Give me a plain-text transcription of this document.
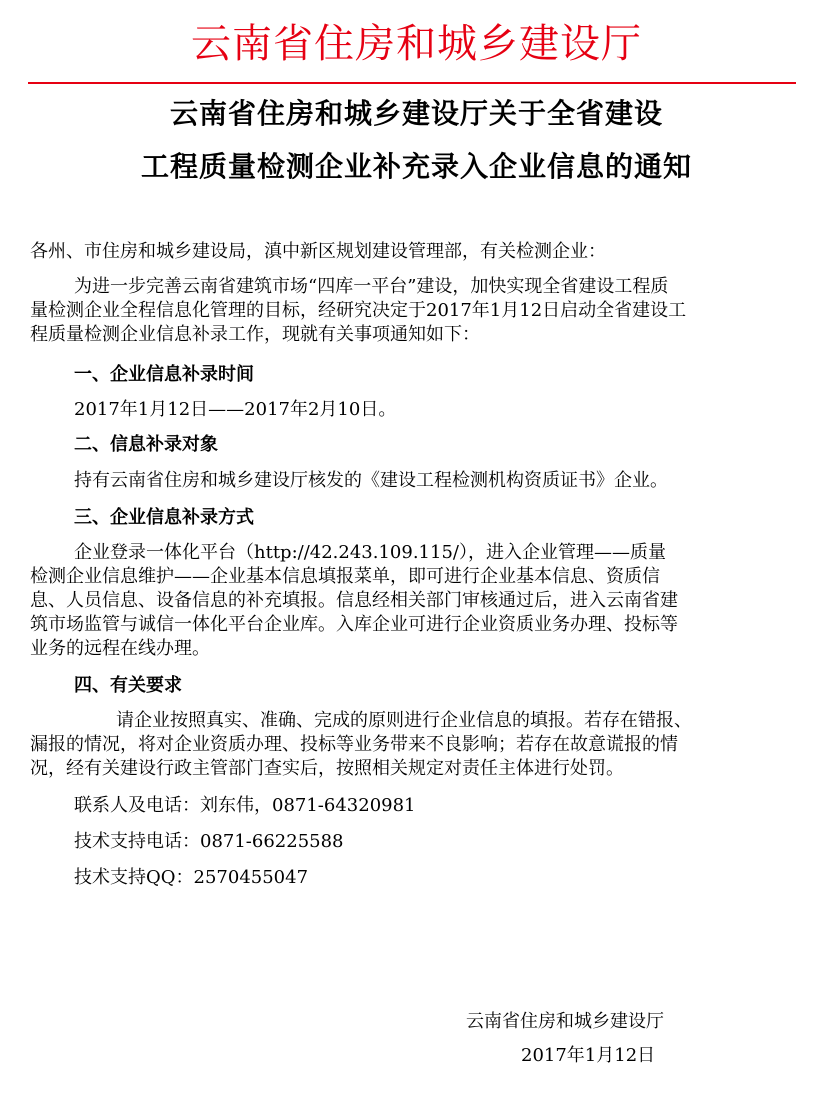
云南省住房和城乡建设厅
云南省住房和城乡建设厅关于全省建设
工程质量检测企业补充录入企业信息的通知
各州、市住房和城乡建设局，滇中新区规划建设管理部，有关检测企业：
为进一步完善云南省建筑市场“四库一平台”建设，加快实现全省建设工程质
量检测企业全程信息化管理的目标，经研究决定于2017年1月12日启动全省建设工
程质量检测企业信息补录工作，现就有关事项通知如下：
一、企业信息补录时间
2017年1月12日——2017年2月10日。
二、信息补录对象
持有云南省住房和城乡建设厅核发的《建设工程检测机构资质证书》企业。
三、企业信息补录方式
企业登录一体化平台（http://42.243.109.115/），进入企业管理——质量
检测企业信息维护——企业基本信息填报菜单，即可进行企业基本信息、资质信
息、人员信息、设备信息的补充填报。信息经相关部门审核通过后，进入云南省建
筑市场监管与诚信一体化平台企业库。入库企业可进行企业资质业务办理、投标等
业务的远程在线办理。
四、有关要求
请企业按照真实、准确、完成的原则进行企业信息的填报。若存在错报、
漏报的情况，将对企业资质办理、投标等业务带来不良影响；若存在故意谎报的情
况，经有关建设行政主管部门查实后，按照相关规定对责任主体进行处罚。
联系人及电话：刘东伟，0871-64320981
技术支持电话：0871-66225588
技术支持QQ：2570455047
云南省住房和城乡建设厅
2017年1月12日
